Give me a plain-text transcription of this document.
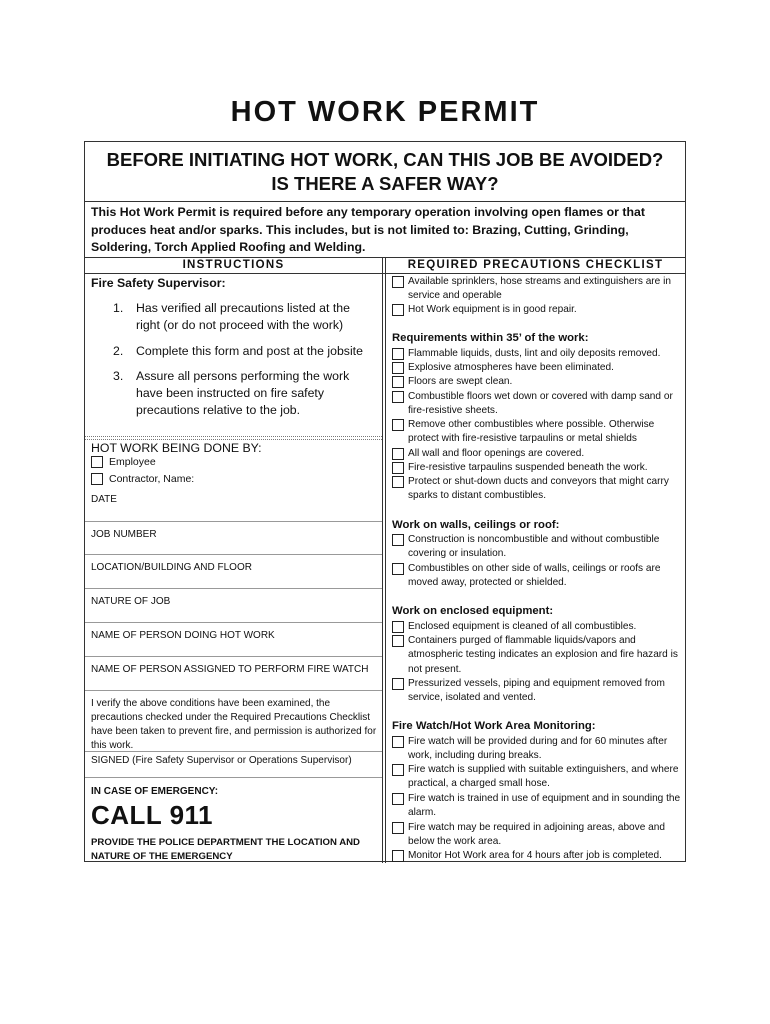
HOT WORK PERMIT
BEFORE INITIATING HOT WORK, CAN THIS JOB BE AVOIDED?
IS THERE A SAFER WAY?
This Hot Work Permit is required before any temporary operation involving open flames or that produces heat and/or sparks. This includes, but is not limited to: Brazing, Cutting, Grinding, Soldering, Torch Applied Roofing and Welding.
INSTRUCTIONS	REQUIRED PRECAUTIONS CHECKLIST
Fire Safety Supervisor:
1. Has verified all precautions listed at the right (or do not proceed with the work)
2. Complete this form and post at the jobsite
3. Assure all persons performing the work have been instructed on fire safety precautions relative to the job.
HOT WORK BEING DONE BY:
Employee
Contractor, Name:
DATE
JOB NUMBER
LOCATION/BUILDING AND FLOOR
NATURE OF JOB
NAME OF PERSON DOING HOT WORK
NAME OF PERSON ASSIGNED TO PERFORM FIRE WATCH
I verify the above conditions have been examined, the precautions checked under the Required Precautions Checklist have been taken to prevent fire, and permission is authorized for this work.
SIGNED (Fire Safety Supervisor or Operations Supervisor)
IN CASE OF EMERGENCY:
CALL 911
PROVIDE THE POLICE DEPARTMENT THE LOCATION AND NATURE OF THE EMERGENCY
Available sprinklers, hose streams and extinguishers are in service and operable
Hot Work equipment is in good repair.
Requirements within 35’ of the work:
Flammable liquids, dusts, lint and oily deposits removed.
Explosive atmospheres have been eliminated.
Floors are swept clean.
Combustible floors wet down or covered with damp sand or fire-resistive sheets.
Remove other combustibles where possible. Otherwise protect with fire-resistive tarpaulins or metal shields
All wall and floor openings are covered.
Fire-resistive tarpaulins suspended beneath the work.
Protect or shut-down ducts and conveyors that might carry sparks to distant combustibles.
Work on walls, ceilings or roof:
Construction is noncombustible and without combustible covering or insulation.
Combustibles on other side of walls, ceilings or roofs are moved away, protected or shielded.
Work on enclosed equipment:
Enclosed equipment is cleaned of all combustibles.
Containers purged of flammable liquids/vapors and atmospheric testing indicates an explosion and fire hazard is not present.
Pressurized vessels, piping and equipment removed from service, isolated and vented.
Fire Watch/Hot Work Area Monitoring:
Fire watch will be provided during and for 60 minutes after work, including during breaks.
Fire watch is supplied with suitable extinguishers, and where practical, a charged small hose.
Fire watch is trained in use of equipment and in sounding the alarm.
Fire watch may be required in adjoining areas, above and below the work area.
Monitor Hot Work area for 4 hours after job is completed.
